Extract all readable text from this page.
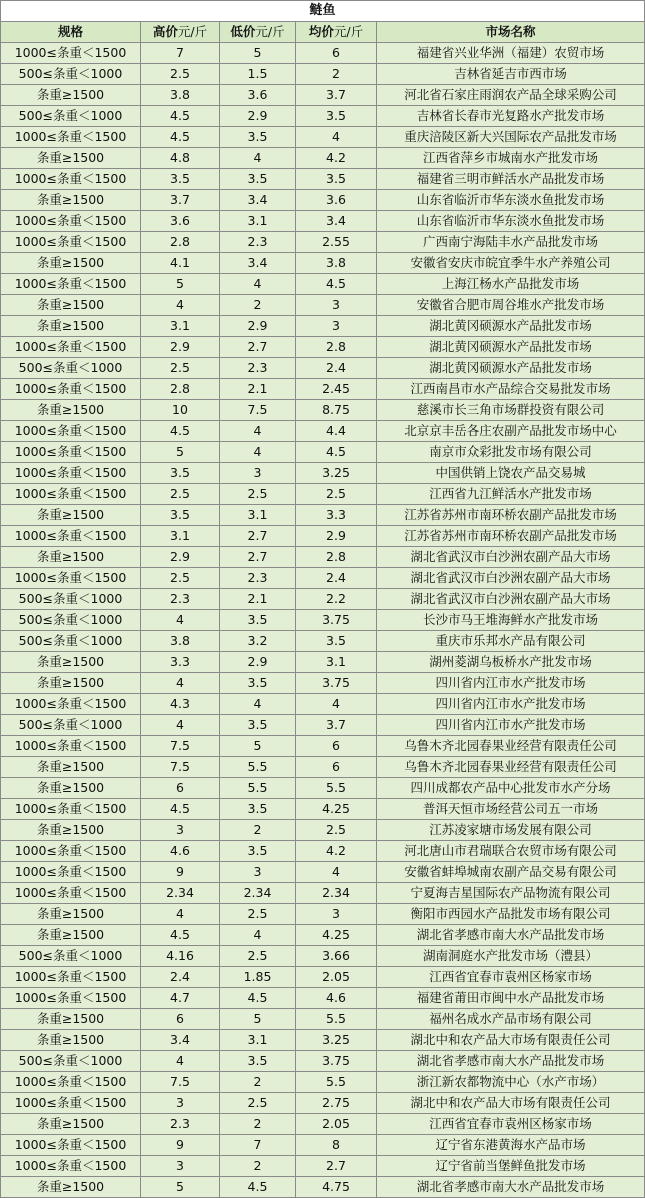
鲢鱼				
规格	高价元/斤	低价元/斤	均价元/斤	市场名称
1000≤条重＜1500	7	5	6	福建省兴业华洲（福建）农贸市场
500≤条重＜1000	2.5	1.5	2	吉林省延吉市西市场
条重≥1500	3.8	3.6	3.7	河北省石家庄雨润农产品全球采购公司
500≤条重＜1000	4.5	2.9	3.5	吉林省长春市光复路水产批发市场
1000≤条重＜1500	4.5	3.5	4	重庆涪陵区新大兴国际农产品批发市场
条重≥1500	4.8	4	4.2	江西省萍乡市城南水产批发市场
1000≤条重＜1500	3.5	3.5	3.5	福建省三明市鲜活水产品批发市场
条重≥1500	3.7	3.4	3.6	山东省临沂市华东淡水鱼批发市场
1000≤条重＜1500	3.6	3.1	3.4	山东省临沂市华东淡水鱼批发市场
1000≤条重＜1500	2.8	2.3	2.55	广西南宁海陆丰水产品批发市场
条重≥1500	4.1	3.4	3.8	安徽省安庆市皖宜季牛水产养殖公司
1000≤条重＜1500	5	4	4.5	上海江杨水产品批发市场
条重≥1500	4	2	3	安徽省合肥市周谷堆水产批发市场
条重≥1500	3.1	2.9	3	湖北黄冈硕源水产品批发市场
1000≤条重＜1500	2.9	2.7	2.8	湖北黄冈硕源水产品批发市场
500≤条重＜1000	2.5	2.3	2.4	湖北黄冈硕源水产品批发市场
1000≤条重＜1500	2.8	2.1	2.45	江西南昌市水产品综合交易批发市场
条重≥1500	10	7.5	8.75	慈溪市长三角市场群投资有限公司
1000≤条重＜1500	4.5	4	4.4	北京京丰岳各庄农副产品批发市场中心
1000≤条重＜1500	5	4	4.5	南京市众彩批发市场有限公司
1000≤条重＜1500	3.5	3	3.25	中国供销上饶农产品交易城
1000≤条重＜1500	2.5	2.5	2.5	江西省九江鲜活水产批发市场
条重≥1500	3.5	3.1	3.3	江苏省苏州市南环桥农副产品批发市场
1000≤条重＜1500	3.1	2.7	2.9	江苏省苏州市南环桥农副产品批发市场
条重≥1500	2.9	2.7	2.8	湖北省武汉市白沙洲农副产品大市场
1000≤条重＜1500	2.5	2.3	2.4	湖北省武汉市白沙洲农副产品大市场
500≤条重＜1000	2.3	2.1	2.2	湖北省武汉市白沙洲农副产品大市场
500≤条重＜1000	4	3.5	3.75	长沙市马王堆海鲜水产批发市场
500≤条重＜1000	3.8	3.2	3.5	重庆市乐邦水产品有限公司
条重≥1500	3.3	2.9	3.1	湖州菱湖乌板桥水产批发市场
条重≥1500	4	3.5	3.75	四川省内江市水产批发市场
1000≤条重＜1500	4.3	4	4	四川省内江市水产批发市场
500≤条重＜1000	4	3.5	3.7	四川省内江市水产批发市场
1000≤条重＜1500	7.5	5	6	乌鲁木齐北园春果业经营有限责任公司
条重≥1500	7.5	5.5	6	乌鲁木齐北园春果业经营有限责任公司
条重≥1500	6	5.5	5.5	四川成都农产品中心批发市水产分场
1000≤条重＜1500	4.5	3.5	4.25	普洱天恒市场经营公司五一市场
条重≥1500	3	2	2.5	江苏凌家塘市场发展有限公司
1000≤条重＜1500	4.6	3.5	4.2	河北唐山市君瑞联合农贸市场有限公司
1000≤条重＜1500	9	3	4	安徽省蚌埠城南农副产品交易有限公司
1000≤条重＜1500	2.34	2.34	2.34	宁夏海吉星国际农产品物流有限公司
条重≥1500	4	2.5	3	衡阳市西园水产品批发市场有限公司
条重≥1500	4.5	4	4.25	湖北省孝感市南大水产品批发市场
500≤条重＜1000	4.16	2.5	3.66	湖南洞庭水产批发市场（澧县）
1000≤条重＜1500	2.4	1.85	2.05	江西省宜春市袁州区杨家市场
1000≤条重＜1500	4.7	4.5	4.6	福建省莆田市闽中水产品批发市场
条重≥1500	6	5	5.5	福州名成水产品市场有限公司
条重≥1500	3.4	3.1	3.25	湖北中和农产品大市场有限责任公司
500≤条重＜1000	4	3.5	3.75	湖北省孝感市南大水产品批发市场
1000≤条重＜1500	7.5	2	5.5	浙江新农都物流中心（水产市场）
1000≤条重＜1500	3	2.5	2.75	湖北中和农产品大市场有限责任公司
条重≥1500	2.3	2	2.05	江西省宜春市袁州区杨家市场
1000≤条重＜1500	9	7	8	辽宁省东港黄海水产品市场
1000≤条重＜1500	3	2	2.7	辽宁省前当堡鲜鱼批发市场
条重≥1500	5	4.5	4.75	湖北省孝感市南大水产品批发市场
